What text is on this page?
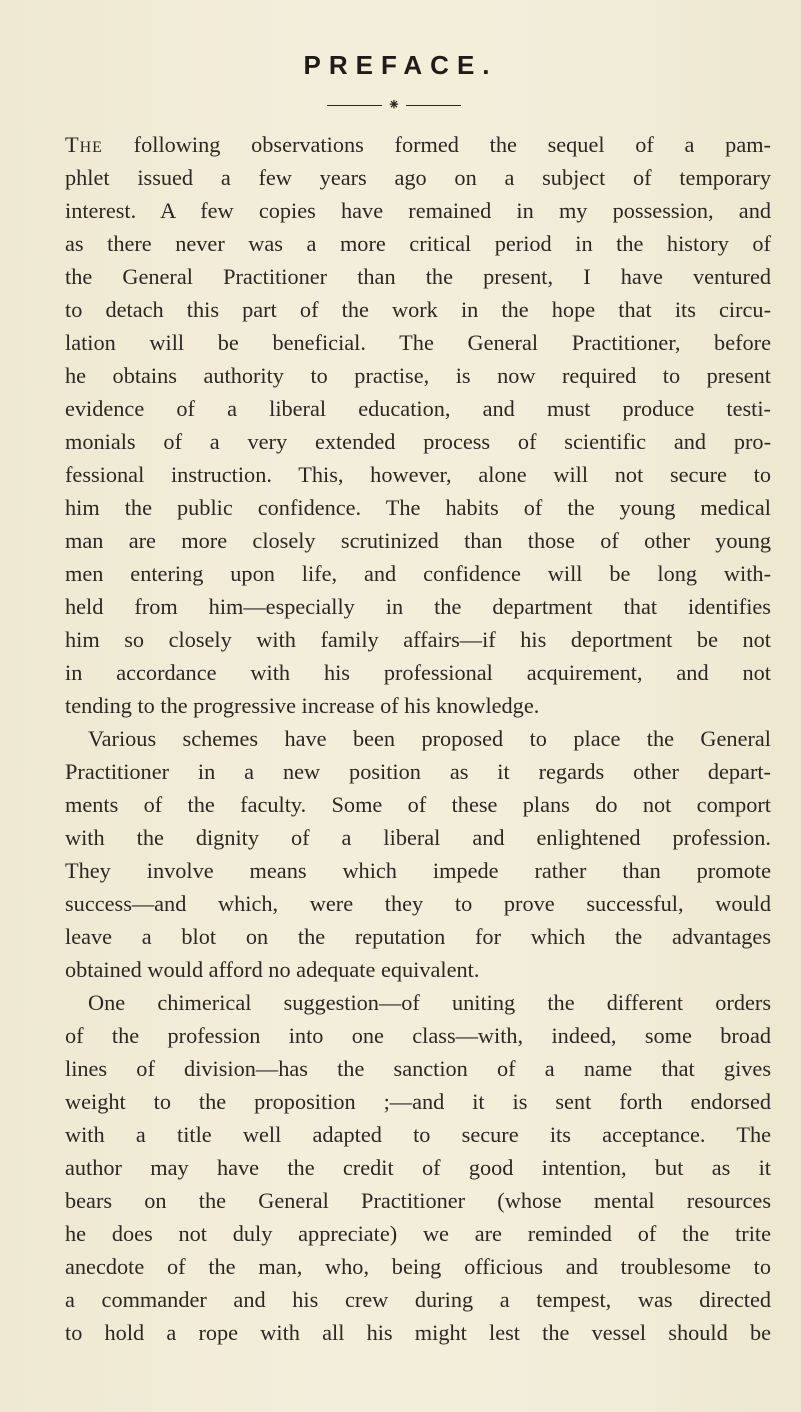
PREFACE.
⁕
The following observations formed the sequel of a pam-
phlet issued a few years ago on a subject of temporary
interest. A few copies have remained in my possession, and
as there never was a more critical period in the history of
the General Practitioner than the present, I have ventured
to detach this part of the work in the hope that its circu-
lation will be beneficial. The General Practitioner, before
he obtains authority to practise, is now required to present
evidence of a liberal education, and must produce testi-
monials of a very extended process of scientific and pro-
fessional instruction. This, however, alone will not secure to
him the public confidence. The habits of the young medical
man are more closely scrutinized than those of other young
men entering upon life, and confidence will be long with-
held from him—especially in the department that identifies
him so closely with family affairs—if his deportment be not
in accordance with his professional acquirement, and not
tending to the progressive increase of his knowledge.
Various schemes have been proposed to place the General
Practitioner in a new position as it regards other depart-
ments of the faculty. Some of these plans do not comport
with the dignity of a liberal and enlightened profession.
They involve means which impede rather than promote
success—and which, were they to prove successful, would
leave a blot on the reputation for which the advantages
obtained would afford no adequate equivalent.
One chimerical suggestion—of uniting the different orders
of the profession into one class—with, indeed, some broad
lines of division—has the sanction of a name that gives
weight to the proposition ;—and it is sent forth endorsed
with a title well adapted to secure its acceptance. The
author may have the credit of good intention, but as it
bears on the General Practitioner (whose mental resources
he does not duly appreciate) we are reminded of the trite
anecdote of the man, who, being officious and troublesome to
a commander and his crew during a tempest, was directed
to hold a rope with all his might lest the vessel should be
